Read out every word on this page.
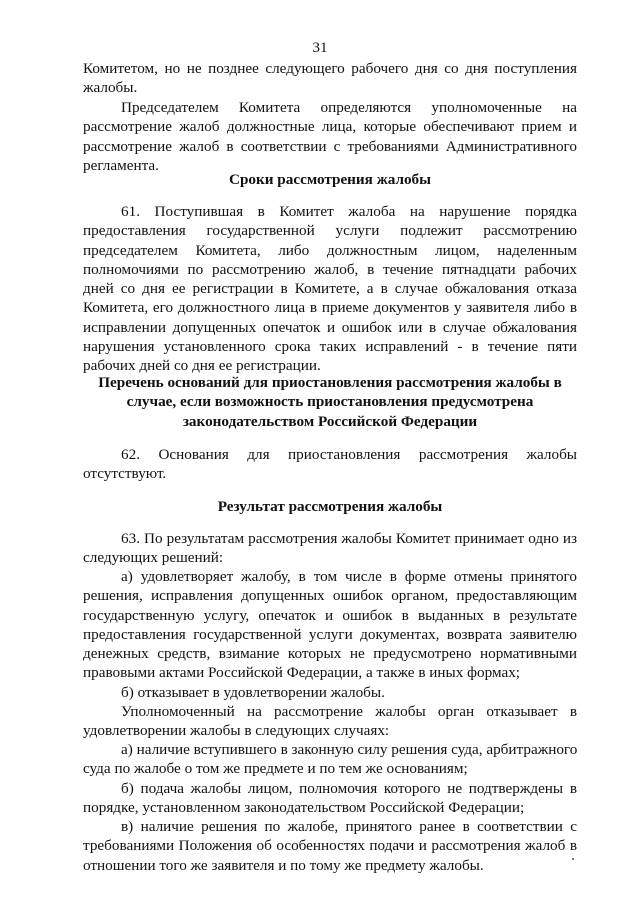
31
Комитетом, но не позднее следующего рабочего дня со дня поступления
жалобы.
Председателем Комитета определяются уполномоченные на
рассмотрение жалоб должностные лица, которые обеспечивают прием и
рассмотрение жалоб в соответствии с требованиями Административного
регламента.
Сроки рассмотрения жалобы
61. Поступившая в Комитет жалоба на нарушение порядка
предоставления государственной услуги подлежит рассмотрению
председателем Комитета, либо должностным лицом, наделенным
полномочиями по рассмотрению жалоб, в течение пятнадцати рабочих
дней со дня ее регистрации в Комитете, а в случае обжалования отказа
Комитета, его должностного лица в приеме документов у заявителя либо в
исправлении допущенных опечаток и ошибок или в случае обжалования
нарушения установленного срока таких исправлений - в течение пяти
рабочих дней со дня ее регистрации.
Перечень оснований для приостановления рассмотрения жалобы в
случае, если возможность приостановления предусмотрена
законодательством Российской Федерации
62. Основания для приостановления рассмотрения жалобы
отсутствуют.
Результат рассмотрения жалобы
63. По результатам рассмотрения жалобы Комитет принимает одно из
следующих решений:
а) удовлетворяет жалобу, в том числе в форме отмены принятого
решения, исправления допущенных ошибок органом, предоставляющим
государственную услугу, опечаток и ошибок в выданных в результате
предоставления государственной услуги документах, возврата заявителю
денежных средств, взимание которых не предусмотрено нормативными
правовыми актами Российской Федерации, а также в иных формах;
б) отказывает в удовлетворении жалобы.
Уполномоченный на рассмотрение жалобы орган отказывает в
удовлетворении жалобы в следующих случаях:
а) наличие вступившего в законную силу решения суда, арбитражного
суда по жалобе о том же предмете и по тем же основаниям;
б) подача жалобы лицом, полномочия которого не подтверждены в
порядке, установленном законодательством Российской Федерации;
в) наличие решения по жалобе, принятого ранее в соответствии с
требованиями Положения об особенностях подачи и рассмотрения жалоб в
отношении того же заявителя и по тому же предмету жалобы.
